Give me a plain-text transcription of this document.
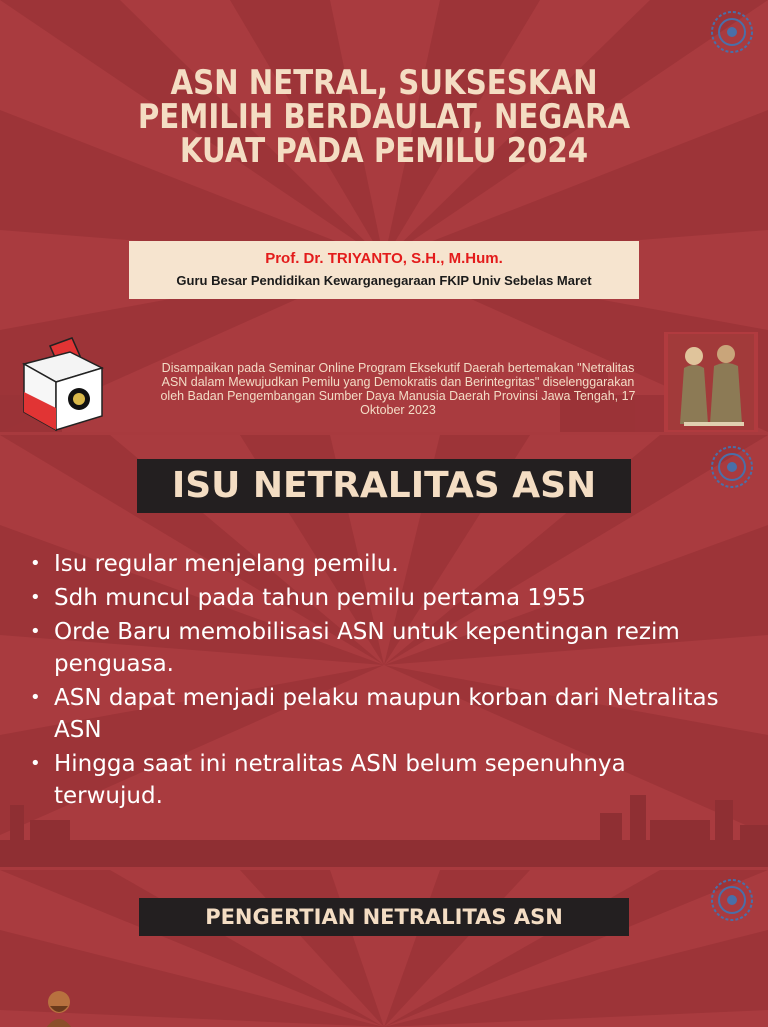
ASN NETRAL, SUKSESKAN PEMILIH BERDAULAT, NEGARA KUAT PADA PEMILU 2024
Prof. Dr. TRIYANTO, S.H., M.Hum.
Guru Besar Pendidikan Kewarganegaraan FKIP Univ Sebelas Maret
Disampaikan pada Seminar Online Program Eksekutif Daerah bertemakan "Netralitas ASN dalam Mewujudkan Pemilu yang Demokratis dan Berintegritas" diselenggarakan oleh Badan Pengembangan Sumber Daya Manusia Daerah Provinsi Jawa Tengah, 17 Oktober 2023
ISU NETRALITAS ASN
• Isu regular menjelang pemilu.
• Sdh muncul pada tahun pemilu pertama 1955
• Orde Baru memobilisasi ASN untuk kepentingan rezim penguasa.
• ASN dapat menjadi pelaku maupun korban dari Netralitas ASN
• Hingga saat ini netralitas ASN belum sepenuhnya terwujud.
PENGERTIAN NETRALITAS ASN
